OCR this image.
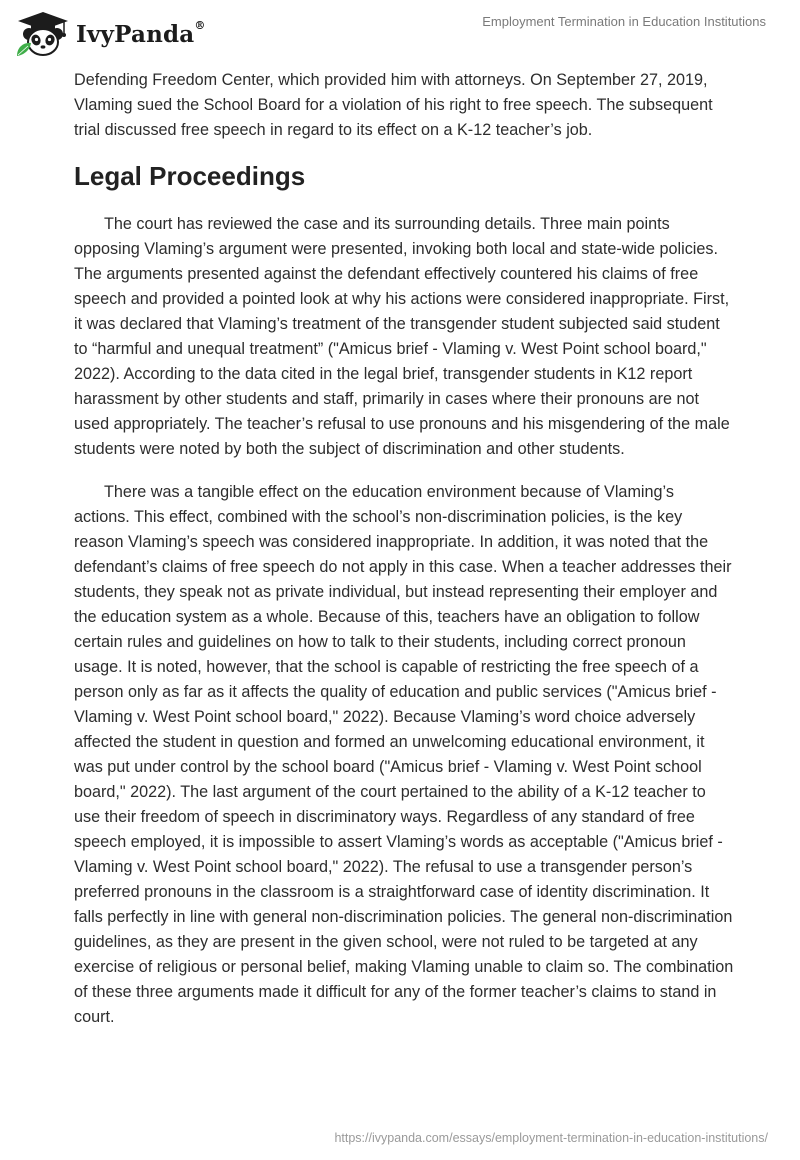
IvyPanda®	Employment Termination in Education Institutions

Defending Freedom Center, which provided him with attorneys. On September 27, 2019, Vlaming sued the School Board for a violation of his right to free speech. The subsequent trial discussed free speech in regard to its effect on a K-12 teacher’s job.

Legal Proceedings

The court has reviewed the case and its surrounding details. Three main points opposing Vlaming’s argument were presented, invoking both local and state-wide policies. The arguments presented against the defendant effectively countered his claims of free speech and provided a pointed look at why his actions were considered inappropriate. First, it was declared that Vlaming’s treatment of the transgender student subjected said student to “harmful and unequal treatment” ("Amicus brief - Vlaming v. West Point school board," 2022). According to the data cited in the legal brief, transgender students in K12 report harassment by other students and staff, primarily in cases where their pronouns are not used appropriately. The teacher’s refusal to use pronouns and his misgendering of the male students were noted by both the subject of discrimination and other students.

There was a tangible effect on the education environment because of Vlaming’s actions. This effect, combined with the school’s non-discrimination policies, is the key reason Vlaming’s speech was considered inappropriate. In addition, it was noted that the defendant’s claims of free speech do not apply in this case. When a teacher addresses their students, they speak not as private individual, but instead representing their employer and the education system as a whole. Because of this, teachers have an obligation to follow certain rules and guidelines on how to talk to their students, including correct pronoun usage. It is noted, however, that the school is capable of restricting the free speech of a person only as far as it affects the quality of education and public services ("Amicus brief - Vlaming v. West Point school board," 2022). Because Vlaming’s word choice adversely affected the student in question and formed an unwelcoming educational environment, it was put under control by the school board ("Amicus brief - Vlaming v. West Point school board," 2022). The last argument of the court pertained to the ability of a K-12 teacher to use their freedom of speech in discriminatory ways. Regardless of any standard of free speech employed, it is impossible to assert Vlaming’s words as acceptable ("Amicus brief - Vlaming v. West Point school board," 2022). The refusal to use a transgender person’s preferred pronouns in the classroom is a straightforward case of identity discrimination. It falls perfectly in line with general non-discrimination policies. The general non-discrimination guidelines, as they are present in the given school, were not ruled to be targeted at any exercise of religious or personal belief, making Vlaming unable to claim so. The combination of these three arguments made it difficult for any of the former teacher’s claims to stand in court.

https://ivypanda.com/essays/employment-termination-in-education-institutions/
